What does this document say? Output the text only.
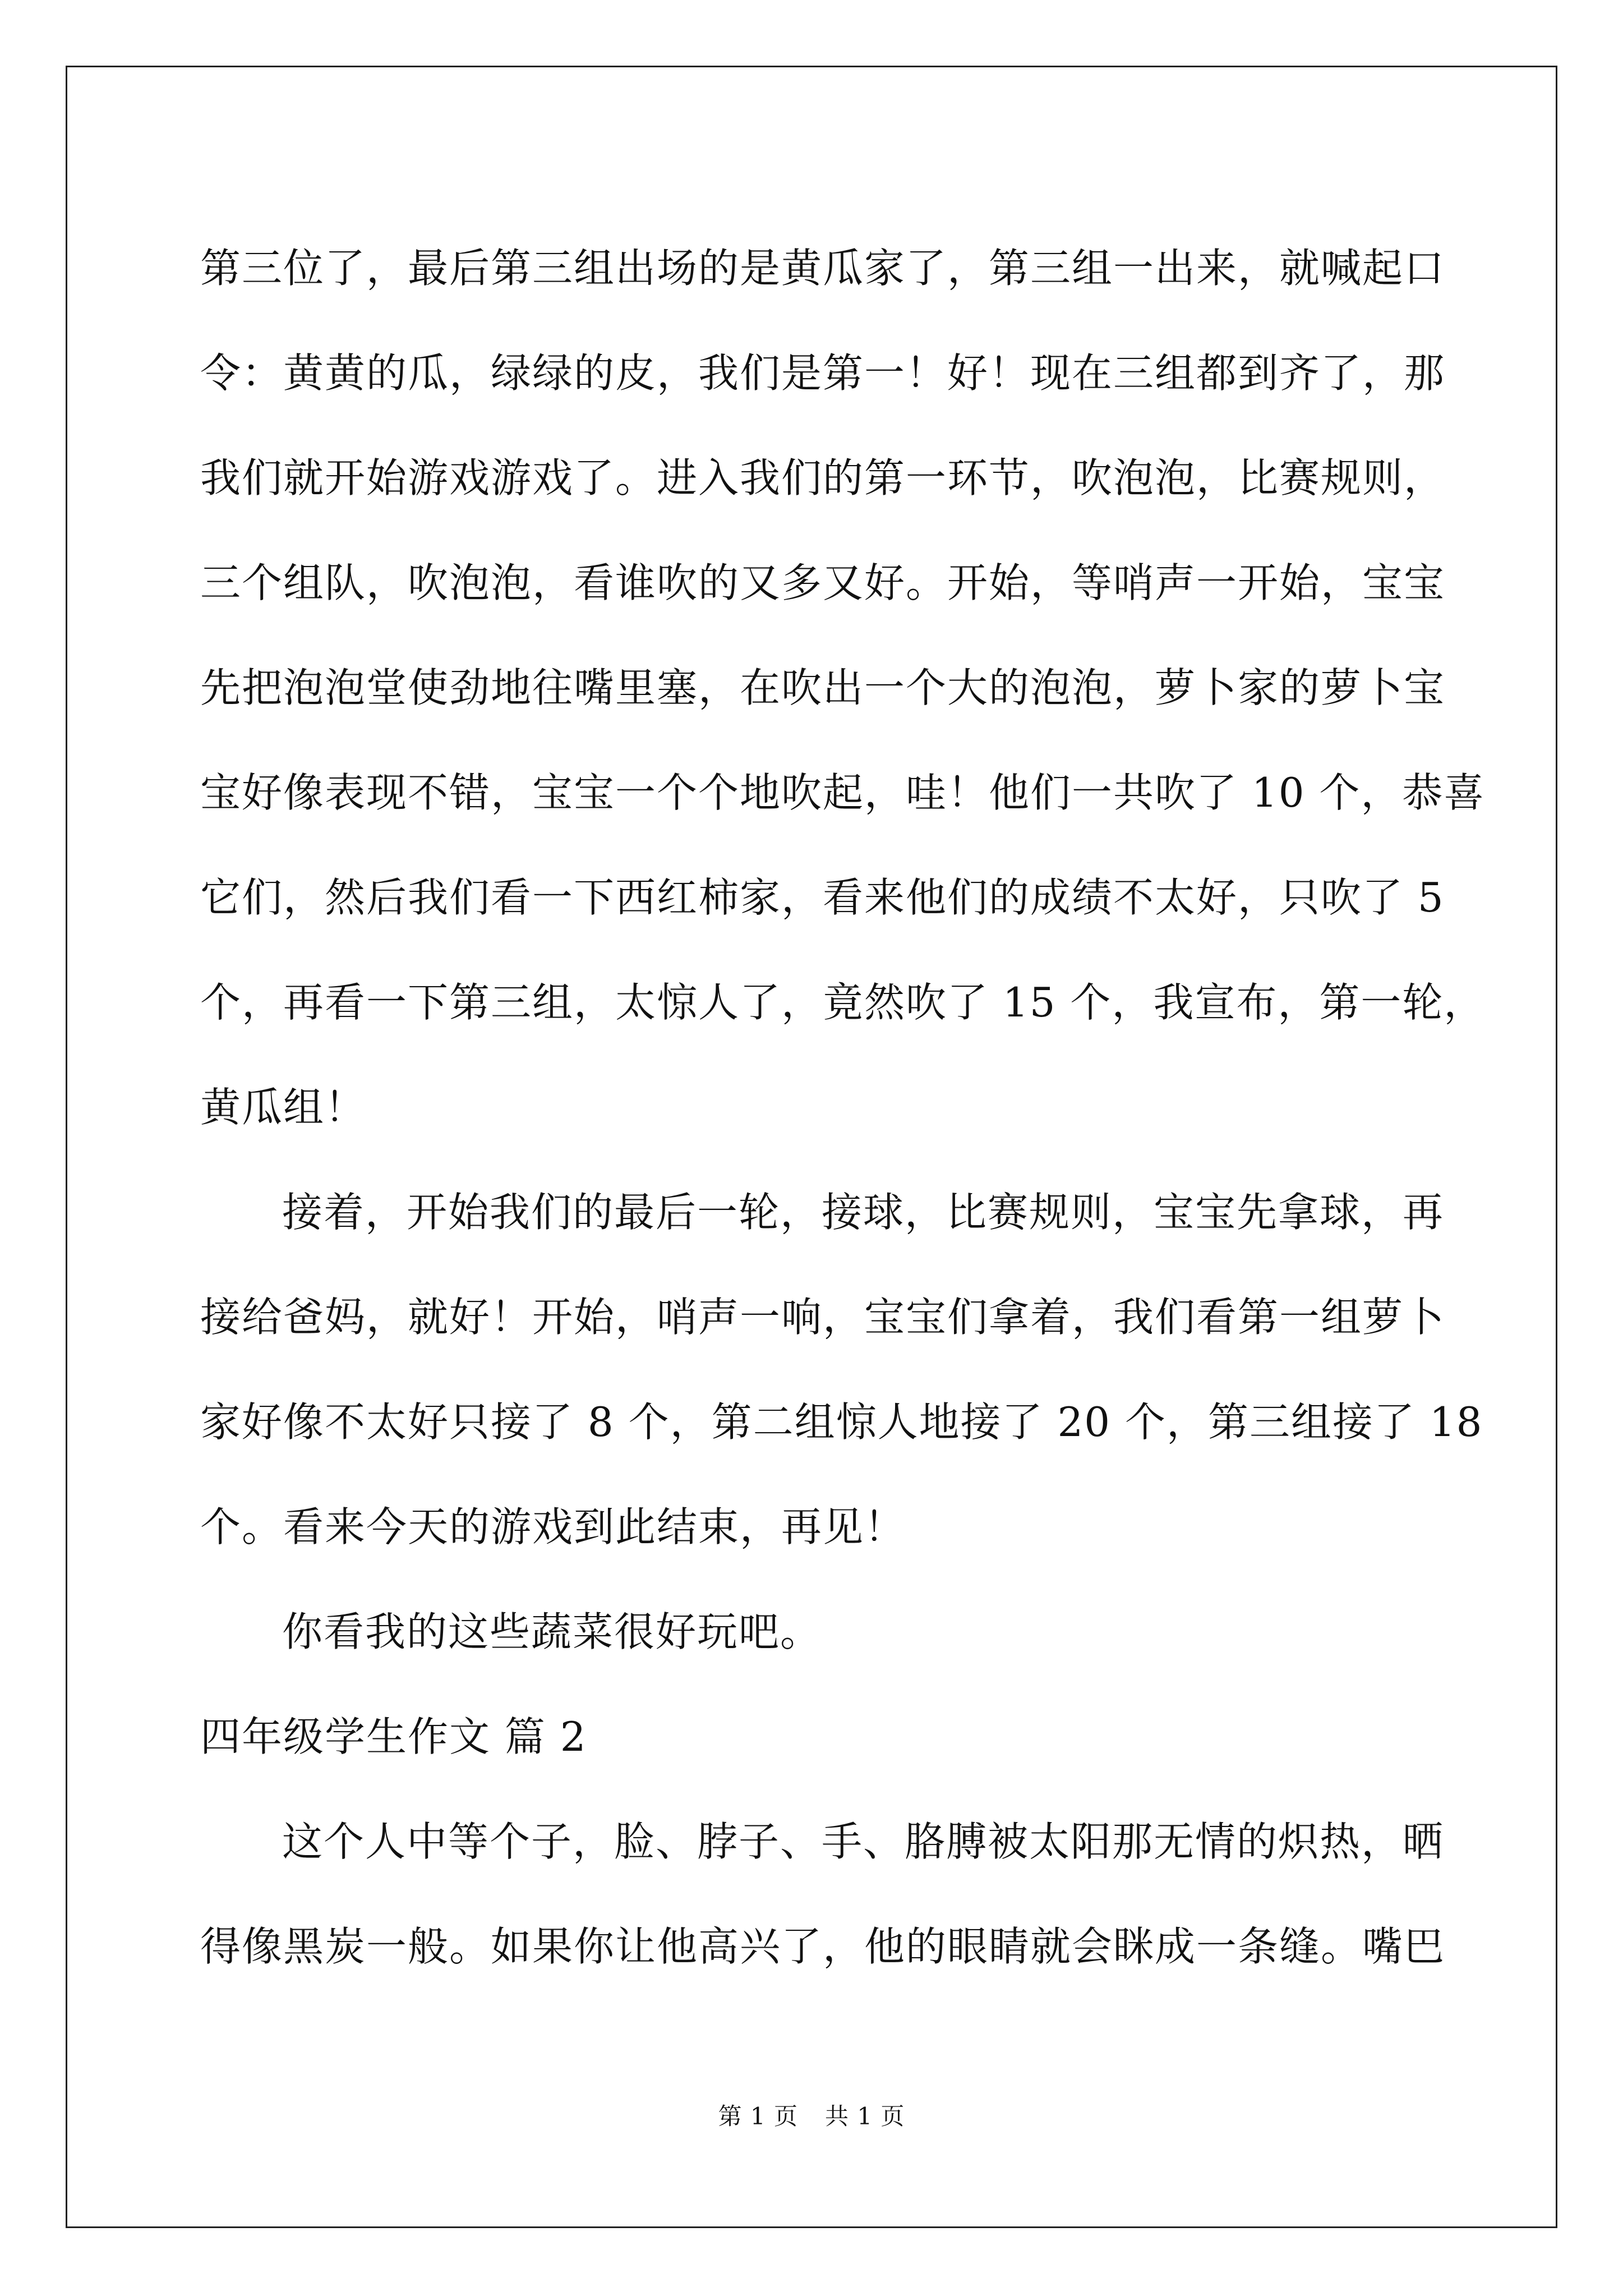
第三位了，最后第三组出场的是黄瓜家了，第三组一出来，就喊起口
令：黄黄的瓜，绿绿的皮，我们是第一！好！现在三组都到齐了，那
我们就开始游戏游戏了。进入我们的第一环节，吹泡泡，比赛规则，
三个组队，吹泡泡，看谁吹的又多又好。开始，等哨声一开始，宝宝
先把泡泡堂使劲地往嘴里塞，在吹出一个大的泡泡，萝卜家的萝卜宝
宝好像表现不错，宝宝一个个地吹起，哇！他们一共吹了 10 个，恭喜
它们，然后我们看一下西红柿家，看来他们的成绩不太好，只吹了 5
个，再看一下第三组，太惊人了，竟然吹了 15 个，我宣布，第一轮，
黄瓜组！
接着，开始我们的最后一轮，接球，比赛规则，宝宝先拿球，再
接给爸妈，就好！开始，哨声一响，宝宝们拿着，我们看第一组萝卜
家好像不太好只接了 8 个，第二组惊人地接了 20 个，第三组接了 18
个。看来今天的游戏到此结束，再见！
你看我的这些蔬菜很好玩吧。
四年级学生作文 篇 2
这个人中等个子，脸、脖子、手、胳膊被太阳那无情的炽热，晒
得像黑炭一般。如果你让他高兴了，他的眼睛就会眯成一条缝。嘴巴
第 1 页 共 1 页
